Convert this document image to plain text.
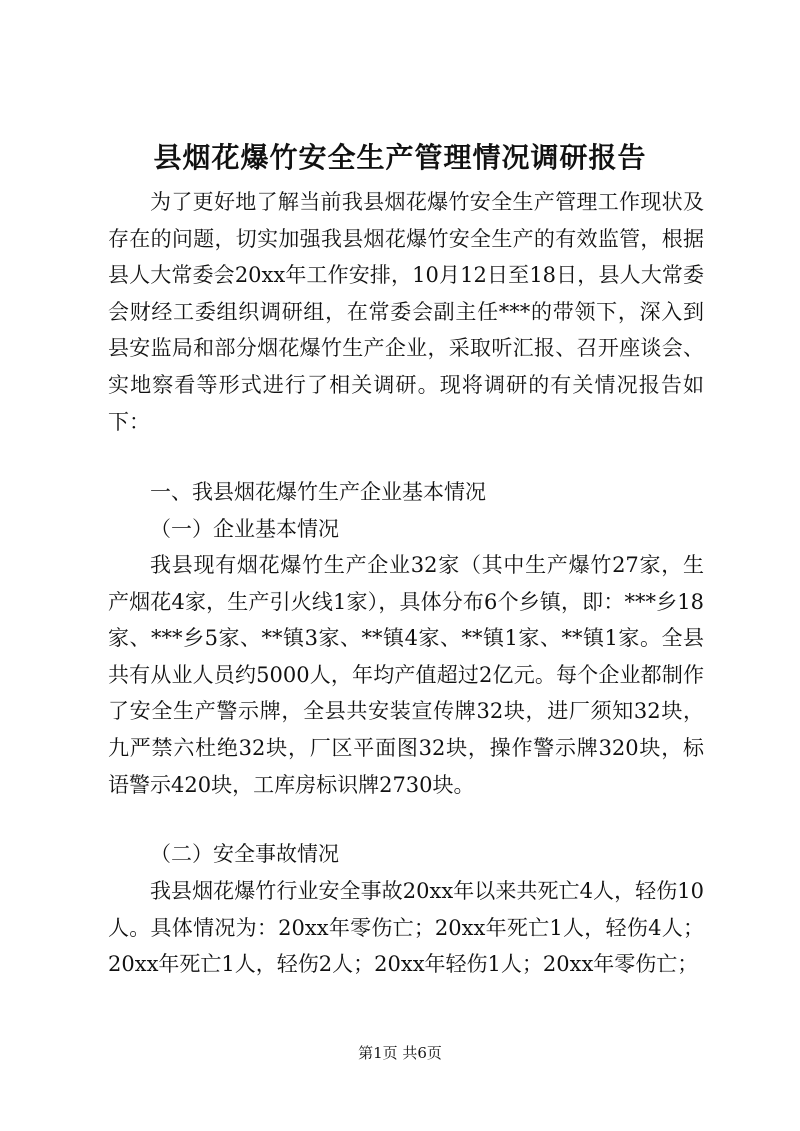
县烟花爆竹安全生产管理情况调研报告

为了更好地了解当前我县烟花爆竹安全生产管理工作现状及存在的问题，切实加强我县烟花爆竹安全生产的有效监管，根据县人大常委会20xx年工作安排，10月12日至18日，县人大常委会财经工委组织调研组，在常委会副主任***的带领下，深入到县安监局和部分烟花爆竹生产企业，采取听汇报、召开座谈会、实地察看等形式进行了相关调研。现将调研的有关情况报告如下：

一、我县烟花爆竹生产企业基本情况

（一）企业基本情况

我县现有烟花爆竹生产企业32家（其中生产爆竹27家，生产烟花4家，生产引火线1家），具体分布6个乡镇，即：***乡18家、***乡5家、**镇3家、**镇4家、**镇1家、**镇1家。全县共有从业人员约5000人，年均产值超过2亿元。每个企业都制作了安全生产警示牌，全县共安装宣传牌32块，进厂须知32块，九严禁六杜绝32块，厂区平面图32块，操作警示牌320块，标语警示420块，工库房标识牌2730块。

（二）安全事故情况

我县烟花爆竹行业安全事故20xx年以来共死亡4人，轻伤10人。具体情况为：20xx年零伤亡；20xx年死亡1人，轻伤4人；20xx年死亡1人，轻伤2人；20xx年轻伤1人；20xx年零伤亡；

第1页 共6页
